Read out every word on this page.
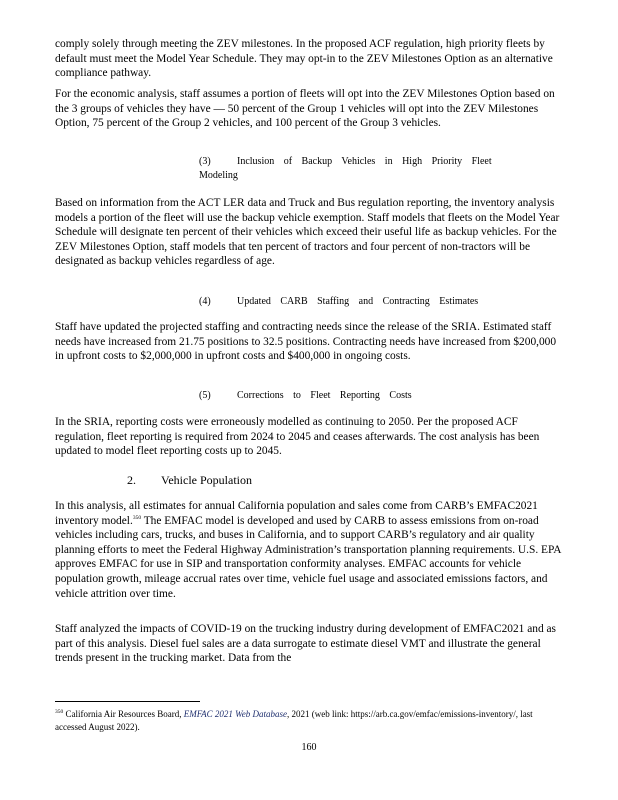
comply solely through meeting the ZEV milestones. In the proposed ACF regulation, high priority fleets by default must meet the Model Year Schedule. They may opt-in to the ZEV Milestones Option as an alternative compliance pathway.
For the economic analysis, staff assumes a portion of fleets will opt into the ZEV Milestones Option based on the 3 groups of vehicles they have — 50 percent of the Group 1 vehicles will opt into the ZEV Milestones Option, 75 percent of the Group 2 vehicles, and 100 percent of the Group 3 vehicles.
(3)	Inclusion of Backup Vehicles in High Priority Fleet Modeling
Based on information from the ACT LER data and Truck and Bus regulation reporting, the inventory analysis models a portion of the fleet will use the backup vehicle exemption. Staff models that fleets on the Model Year Schedule will designate ten percent of their vehicles which exceed their useful life as backup vehicles. For the ZEV Milestones Option, staff models that ten percent of tractors and four percent of non-tractors will be designated as backup vehicles regardless of age.
(4)	Updated CARB Staffing and Contracting Estimates
Staff have updated the projected staffing and contracting needs since the release of the SRIA. Estimated staff needs have increased from 21.75 positions to 32.5 positions. Contracting needs have increased from $200,000 in upfront costs to $2,000,000 in upfront costs and $400,000 in ongoing costs.
(5)	Corrections to Fleet Reporting Costs
In the SRIA, reporting costs were erroneously modelled as continuing to 2050. Per the proposed ACF regulation, fleet reporting is required from 2024 to 2045 and ceases afterwards. The cost analysis has been updated to model fleet reporting costs up to 2045.
2. Vehicle Population
In this analysis, all estimates for annual California population and sales come from CARB’s EMFAC2021 inventory model.$^{350}$ The EMFAC model is developed and used by CARB to assess emissions from on-road vehicles including cars, trucks, and buses in California, and to support CARB’s regulatory and air quality planning efforts to meet the Federal Highway Administration’s transportation planning requirements. U.S. EPA approves EMFAC for use in SIP and transportation conformity analyses. EMFAC accounts for vehicle population growth, mileage accrual rates over time, vehicle fuel usage and associated emissions factors, and vehicle attrition over time.
Staff analyzed the impacts of COVID-19 on the trucking industry during development of EMFAC2021 and as part of this analysis. Diesel fuel sales are a data surrogate to estimate diesel VMT and illustrate the general trends present in the trucking market. Data from the
$^{350}$ California Air Resources Board, EMFAC 2021 Web Database, 2021 (web link: https://arb.ca.gov/emfac/emissions-inventory/, last accessed August 2022).
160
